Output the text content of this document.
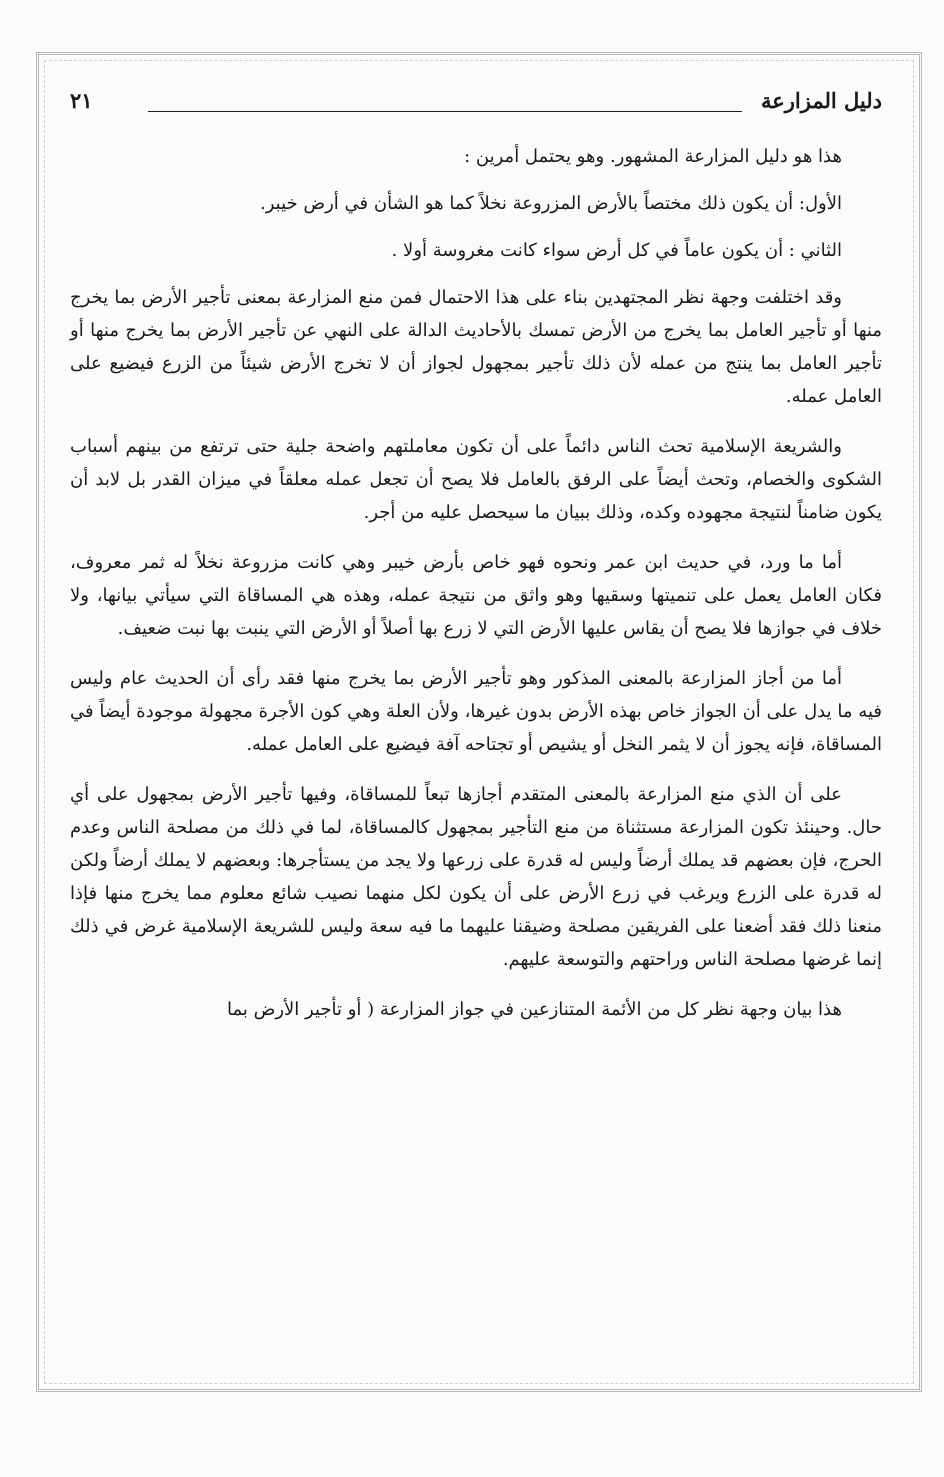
دليل المزارعة
٢١

هذا هو دليل المزارعة المشهور. وهو يحتمل أمرين :

الأول: أن يكون ذلك مختصاً بالأرض المزروعة نخلاً كما هو الشأن في أرض خيبر.

الثاني : أن يكون عاماً في كل أرض سواء كانت مغروسة أولا .

وقد اختلفت وجهة نظر المجتهدين بناء على هذا الاحتمال فمن منع المزارعة بمعنى تأجير الأرض بما يخرج منها أو تأجير العامل بما يخرج من الأرض تمسك بالأحاديث الدالة على النهي عن تأجير الأرض بما يخرج منها أو تأجير العامل بما ينتج من عمله لأن ذلك تأجير بمجهول لجواز أن لا تخرج الأرض شيئاً من الزرع فيضيع على العامل عمله.

والشريعة الإسلامية تحث الناس دائماً على أن تكون معاملتهم واضحة جلية حتى ترتفع من بينهم أسباب الشكوى والخصام، وتحث أيضاً على الرفق بالعامل فلا يصح أن تجعل عمله معلقاً في ميزان القدر بل لابد أن يكون ضامناً لنتيجة مجهوده وكده، وذلك ببيان ما سيحصل عليه من أجر.

أما ما ورد، في حديث ابن عمر ونحوه فهو خاص بأرض خيبر وهي كانت مزروعة نخلاً له ثمر معروف، فكان العامل يعمل على تنميتها وسقيها وهو واثق من نتيجة عمله، وهذه هي المساقاة التي سيأتي بيانها، ولا خلاف في جوازها فلا يصح أن يقاس عليها الأرض التي لا زرع بها أصلاً أو الأرض التي ينبت بها نبت ضعيف.

أما من أجاز المزارعة بالمعنى المذكور وهو تأجير الأرض بما يخرج منها فقد رأى أن الحديث عام وليس فيه ما يدل على أن الجواز خاص بهذه الأرض بدون غيرها، ولأن العلة وهي كون الأجرة مجهولة موجودة أيضاً في المساقاة، فإنه يجوز أن لا يثمر النخل أو يشيص أو تجتاحه آفة فيضيع على العامل عمله.

على أن الذي منع المزارعة بالمعنى المتقدم أجازها تبعاً للمساقاة، وفيها تأجير الأرض بمجهول على أي حال. وحينئذ تكون المزارعة مستثناة من منع التأجير بمجهول كالمساقاة، لما في ذلك من مصلحة الناس وعدم الحرج، فإن بعضهم قد يملك أرضاً وليس له قدرة على زرعها ولا يجد من يستأجرها: وبعضهم لا يملك أرضاً ولكن له قدرة على الزرع ويرغب في زرع الأرض على أن يكون لكل منهما نصيب شائع معلوم مما يخرج منها فإذا منعنا ذلك فقد أضعنا على الفريقين مصلحة وضيقنا عليهما ما فيه سعة وليس للشريعة الإسلامية غرض في ذلك إنما غرضها مصلحة الناس وراحتهم والتوسعة عليهم.

هذا بيان وجهة نظر كل من الأئمة المتنازعين في جواز المزارعة ( أو تأجير الأرض بما
